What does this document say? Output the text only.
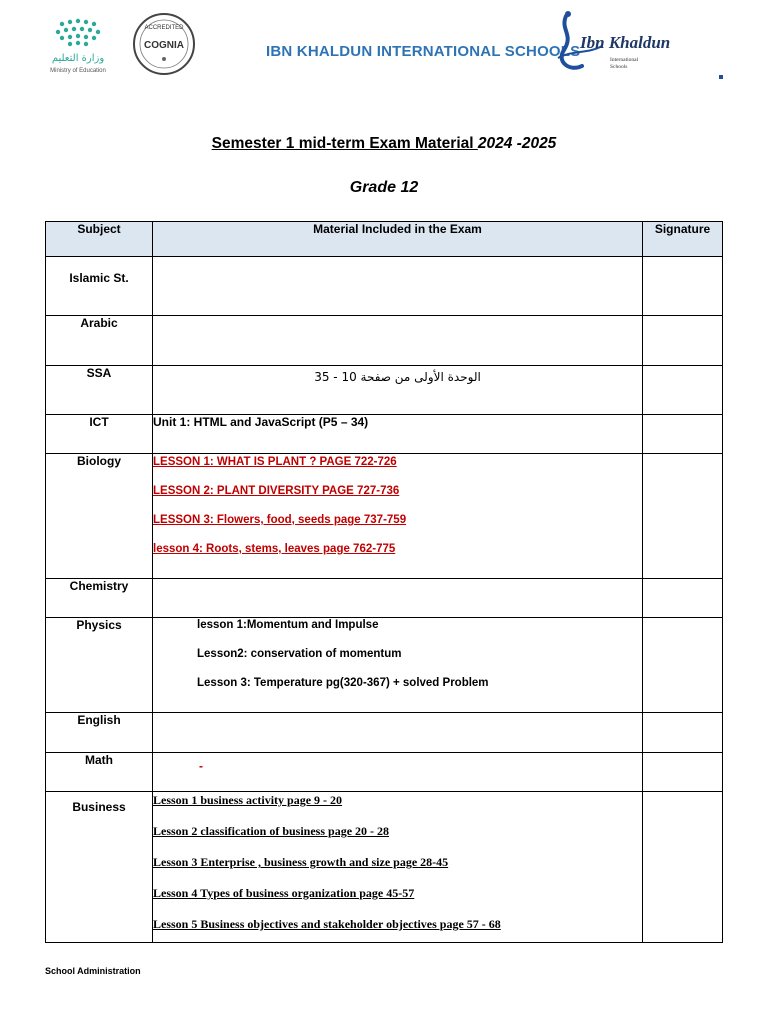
وزارة التعليم
Ministry of Education
ACCREDITED
COGNIA	IBN KHALDUN INTERNATIONAL SCHOOLS Ibn Khaldun
International
Schools
Semester 1 mid-term Exam Material 2024 -2025
Grade 12
Subject	Material Included in the Exam	Signature
Islamic St.		
Arabic		
SSA	الوحدة الأولى من صفحة 10 - 35	

ICT	Unit 1: HTML and JavaScript (P5 – 34)	

Biology	LESSON 1: WHAT IS PLANT ? PAGE 722-726
LESSON 2: PLANT DIVERSITY PAGE 727-736
LESSON 3: Flowers, food, seeds page 737-759
lesson 4: Roots, stems, leaves page 762-775	

Chemistry		
Physics	lesson 1:Momentum and Impulse
Lesson2: conservation of momentum
Lesson 3: Temperature pg(320-367) + solved Problem	

English		
Math	-	
Business	Lesson 1 business activity page 9 - 20
Lesson 2 classification of business page 20 - 28
Lesson 3 Enterprise , business growth and size page 28-45
Lesson 4 Types of business organization page 45-57
Lesson 5 Business objectives and stakeholder objectives page 57 - 68	

School Administration
